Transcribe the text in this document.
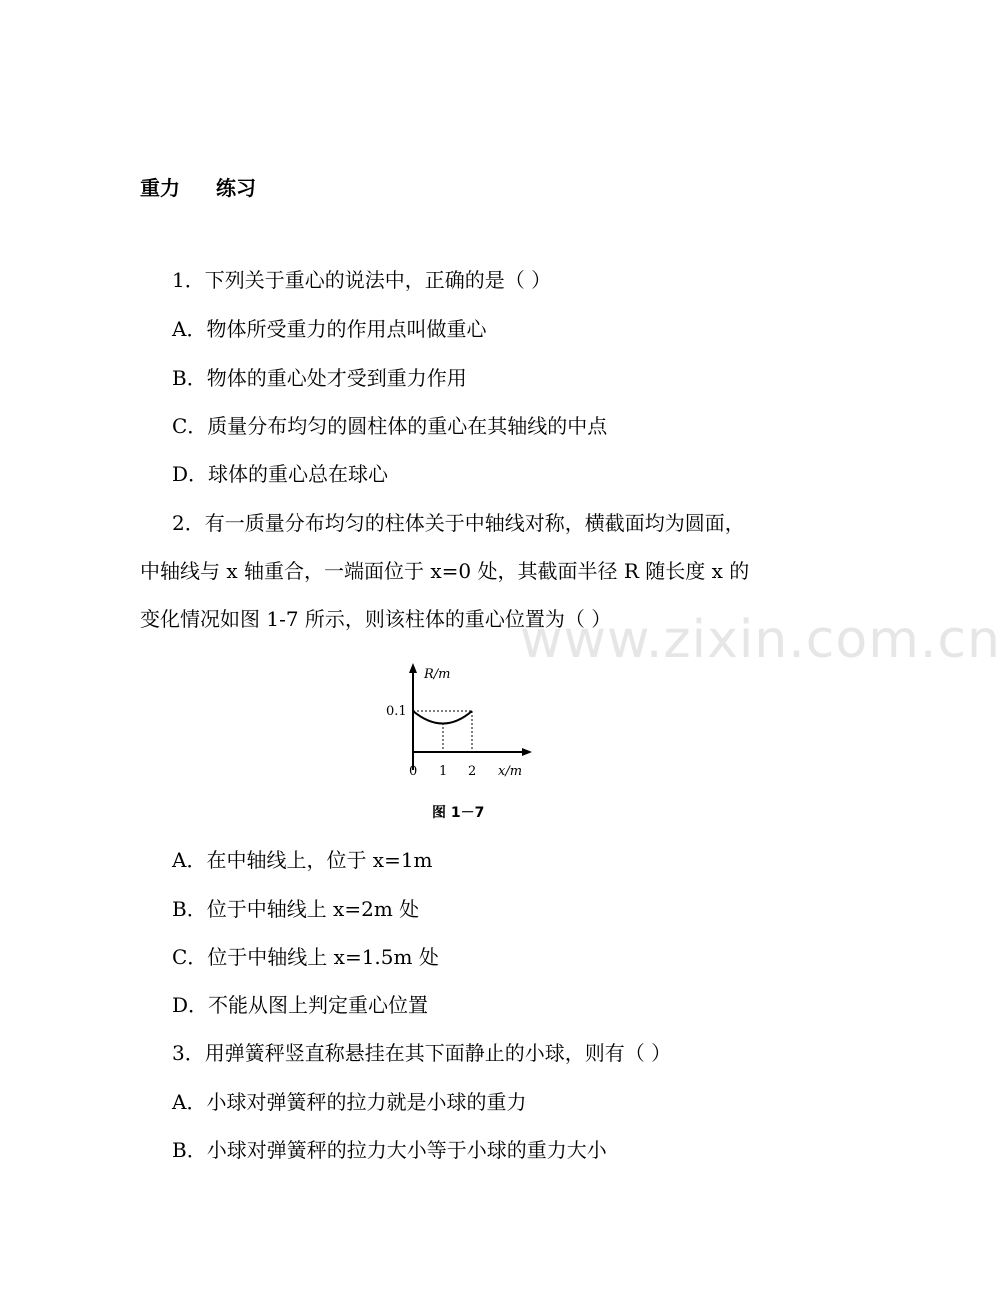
重力 练习
www.zixin.com.cn
1．下列关于重心的说法中，正确的是（ ）
A．物体所受重力的作用点叫做重心
B．物体的重心处才受到重力作用
C．质量分布均匀的圆柱体的重心在其轴线的中点
D．球体的重心总在球心
2．有一质量分布均匀的柱体关于中轴线对称，横截面均为圆面，
中轴线与 x 轴重合，一端面位于 x=0 处，其截面半径 R 随长度 x 的
变化情况如图 1-7 所示，则该柱体的重心位置为（ ）
R/m
0.1
0 1 2 x/m
图 1－7
A．在中轴线上，位于 x=1m
B．位于中轴线上 x=2m 处
C．位于中轴线上 x=1.5m 处
D．不能从图上判定重心位置
3．用弹簧秤竖直称悬挂在其下面静止的小球，则有（ ）
A．小球对弹簧秤的拉力就是小球的重力
B．小球对弹簧秤的拉力大小等于小球的重力大小
